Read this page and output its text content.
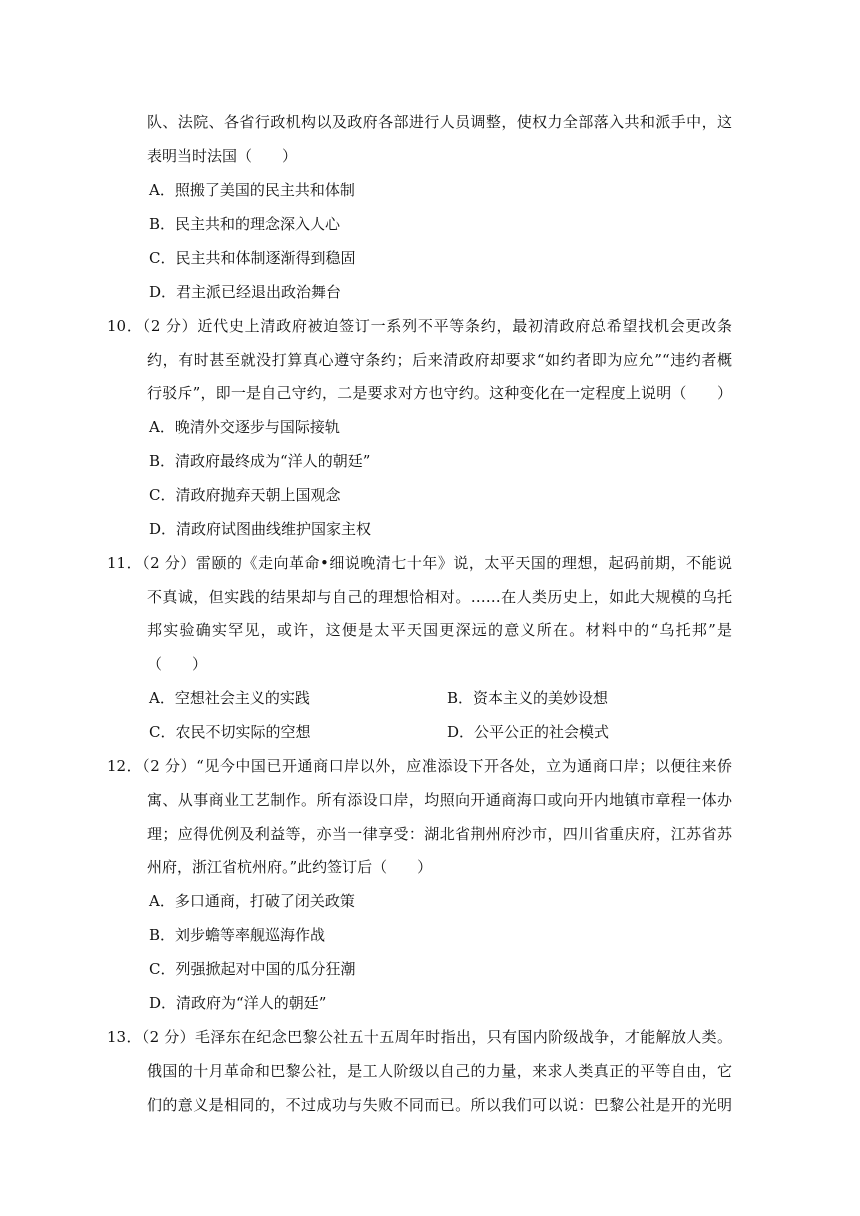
队、法院、各省行政机构以及政府各部进行人员调整，使权力全部落入共和派手中，这
表明当时法国（　　）
A．照搬了美国的民主共和体制
B．民主共和的理念深入人心
C．民主共和体制逐渐得到稳固
D．君主派已经退出政治舞台
10．（2 分）近代史上清政府被迫签订一系列不平等条约，最初清政府总希望找机会更改条
约，有时甚至就没打算真心遵守条约；后来清政府却要求“如约者即为应允”“违约者概
行驳斥”，即一是自己守约，二是要求对方也守约。这种变化在一定程度上说明（　　）
A．晚清外交逐步与国际接轨
B．清政府最终成为“洋人的朝廷”
C．清政府抛弃天朝上国观念
D．清政府试图曲线维护国家主权
11．（2 分）雷颐的《走向革命•细说晚清七十年》说，太平天国的理想，起码前期，不能说
不真诚，但实践的结果却与自己的理想恰相对。……在人类历史上，如此大规模的乌托
邦实验确实罕见，或许，这便是太平天国更深远的意义所在。材料中的“乌托邦”是
（　　）
A．空想社会主义的实践	B．资本主义的美妙设想
C．农民不切实际的空想	D．公平公正的社会模式
12．（2 分）“见今中国已开通商口岸以外，应准添设下开各处，立为通商口岸；以便往来侨
寓、从事商业工艺制作。所有添设口岸，均照向开通商海口或向开内地镇市章程一体办
理；应得优例及利益等，亦当一律享受：湖北省荆州府沙市，四川省重庆府，江苏省苏
州府，浙江省杭州府。”此约签订后（　　）
A．多口通商，打破了闭关政策
B．刘步蟾等率舰巡海作战
C．列强掀起对中国的瓜分狂潮
D．清政府为“洋人的朝廷”
13．（2 分）毛泽东在纪念巴黎公社五十五周年时指出，只有国内阶级战争，才能解放人类。
俄国的十月革命和巴黎公社，是工人阶级以自己的力量，来求人类真正的平等自由，它
们的意义是相同的，不过成功与失败不同而已。所以我们可以说：巴黎公社是开的光明
